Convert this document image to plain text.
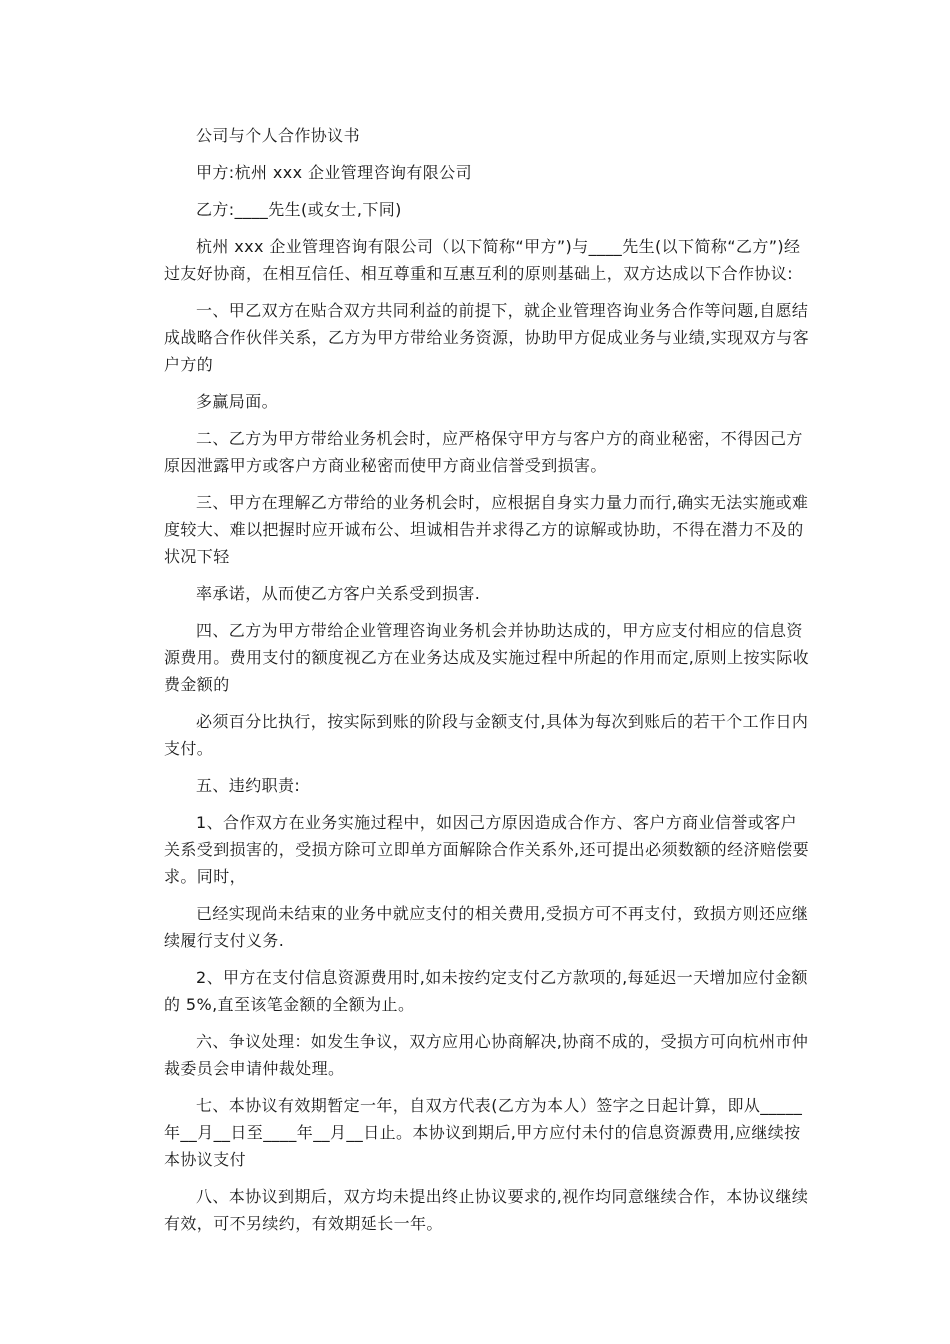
公司与个人合作协议书

甲方:杭州 xxx 企业管理咨询有限公司

乙方:____先生(或女士,下同)

杭州 xxx 企业管理咨询有限公司（以下简称“甲方”)与____先生(以下简称“乙方”)经过友好协商，在相互信任、相互尊重和互惠互利的原则基础上，双方达成以下合作协议:

一、甲乙双方在贴合双方共同利益的前提下，就企业管理咨询业务合作等问题,自愿结成战略合作伙伴关系，乙方为甲方带给业务资源，协助甲方促成业务与业绩,实现双方与客户方的

多赢局面。

二、乙方为甲方带给业务机会时，应严格保守甲方与客户方的商业秘密，不得因己方原因泄露甲方或客户方商业秘密而使甲方商业信誉受到损害。

三、甲方在理解乙方带给的业务机会时，应根据自身实力量力而行,确实无法实施或难度较大、难以把握时应开诚布公、坦诚相告并求得乙方的谅解或协助，不得在潜力不及的状况下轻

率承诺，从而使乙方客户关系受到损害.

四、乙方为甲方带给企业管理咨询业务机会并协助达成的，甲方应支付相应的信息资源费用。费用支付的额度视乙方在业务达成及实施过程中所起的作用而定,原则上按实际收费金额的

必须百分比执行，按实际到账的阶段与金额支付,具体为每次到账后的若干个工作日内支付。

五、违约职责:

1、合作双方在业务实施过程中，如因己方原因造成合作方、客户方商业信誉或客户关系受到损害的，受损方除可立即单方面解除合作关系外,还可提出必须数额的经济赔偿要求。同时，

已经实现尚未结束的业务中就应支付的相关费用,受损方可不再支付，致损方则还应继续履行支付义务.

2、甲方在支付信息资源费用时,如未按约定支付乙方款项的,每延迟一天增加应付金额的 5%,直至该笔金额的全额为止。

六、争议处理：如发生争议，双方应用心协商解决,协商不成的，受损方可向杭州市仲裁委员会申请仲裁处理。

七、本协议有效期暂定一年，自双方代表(乙方为本人）签字之日起计算，即从_____年__月__日至____年__月__日止。本协议到期后,甲方应付未付的信息资源费用,应继续按本协议支付

八、本协议到期后，双方均未提出终止协议要求的,视作均同意继续合作，本协议继续有效，可不另续约，有效期延长一年。
